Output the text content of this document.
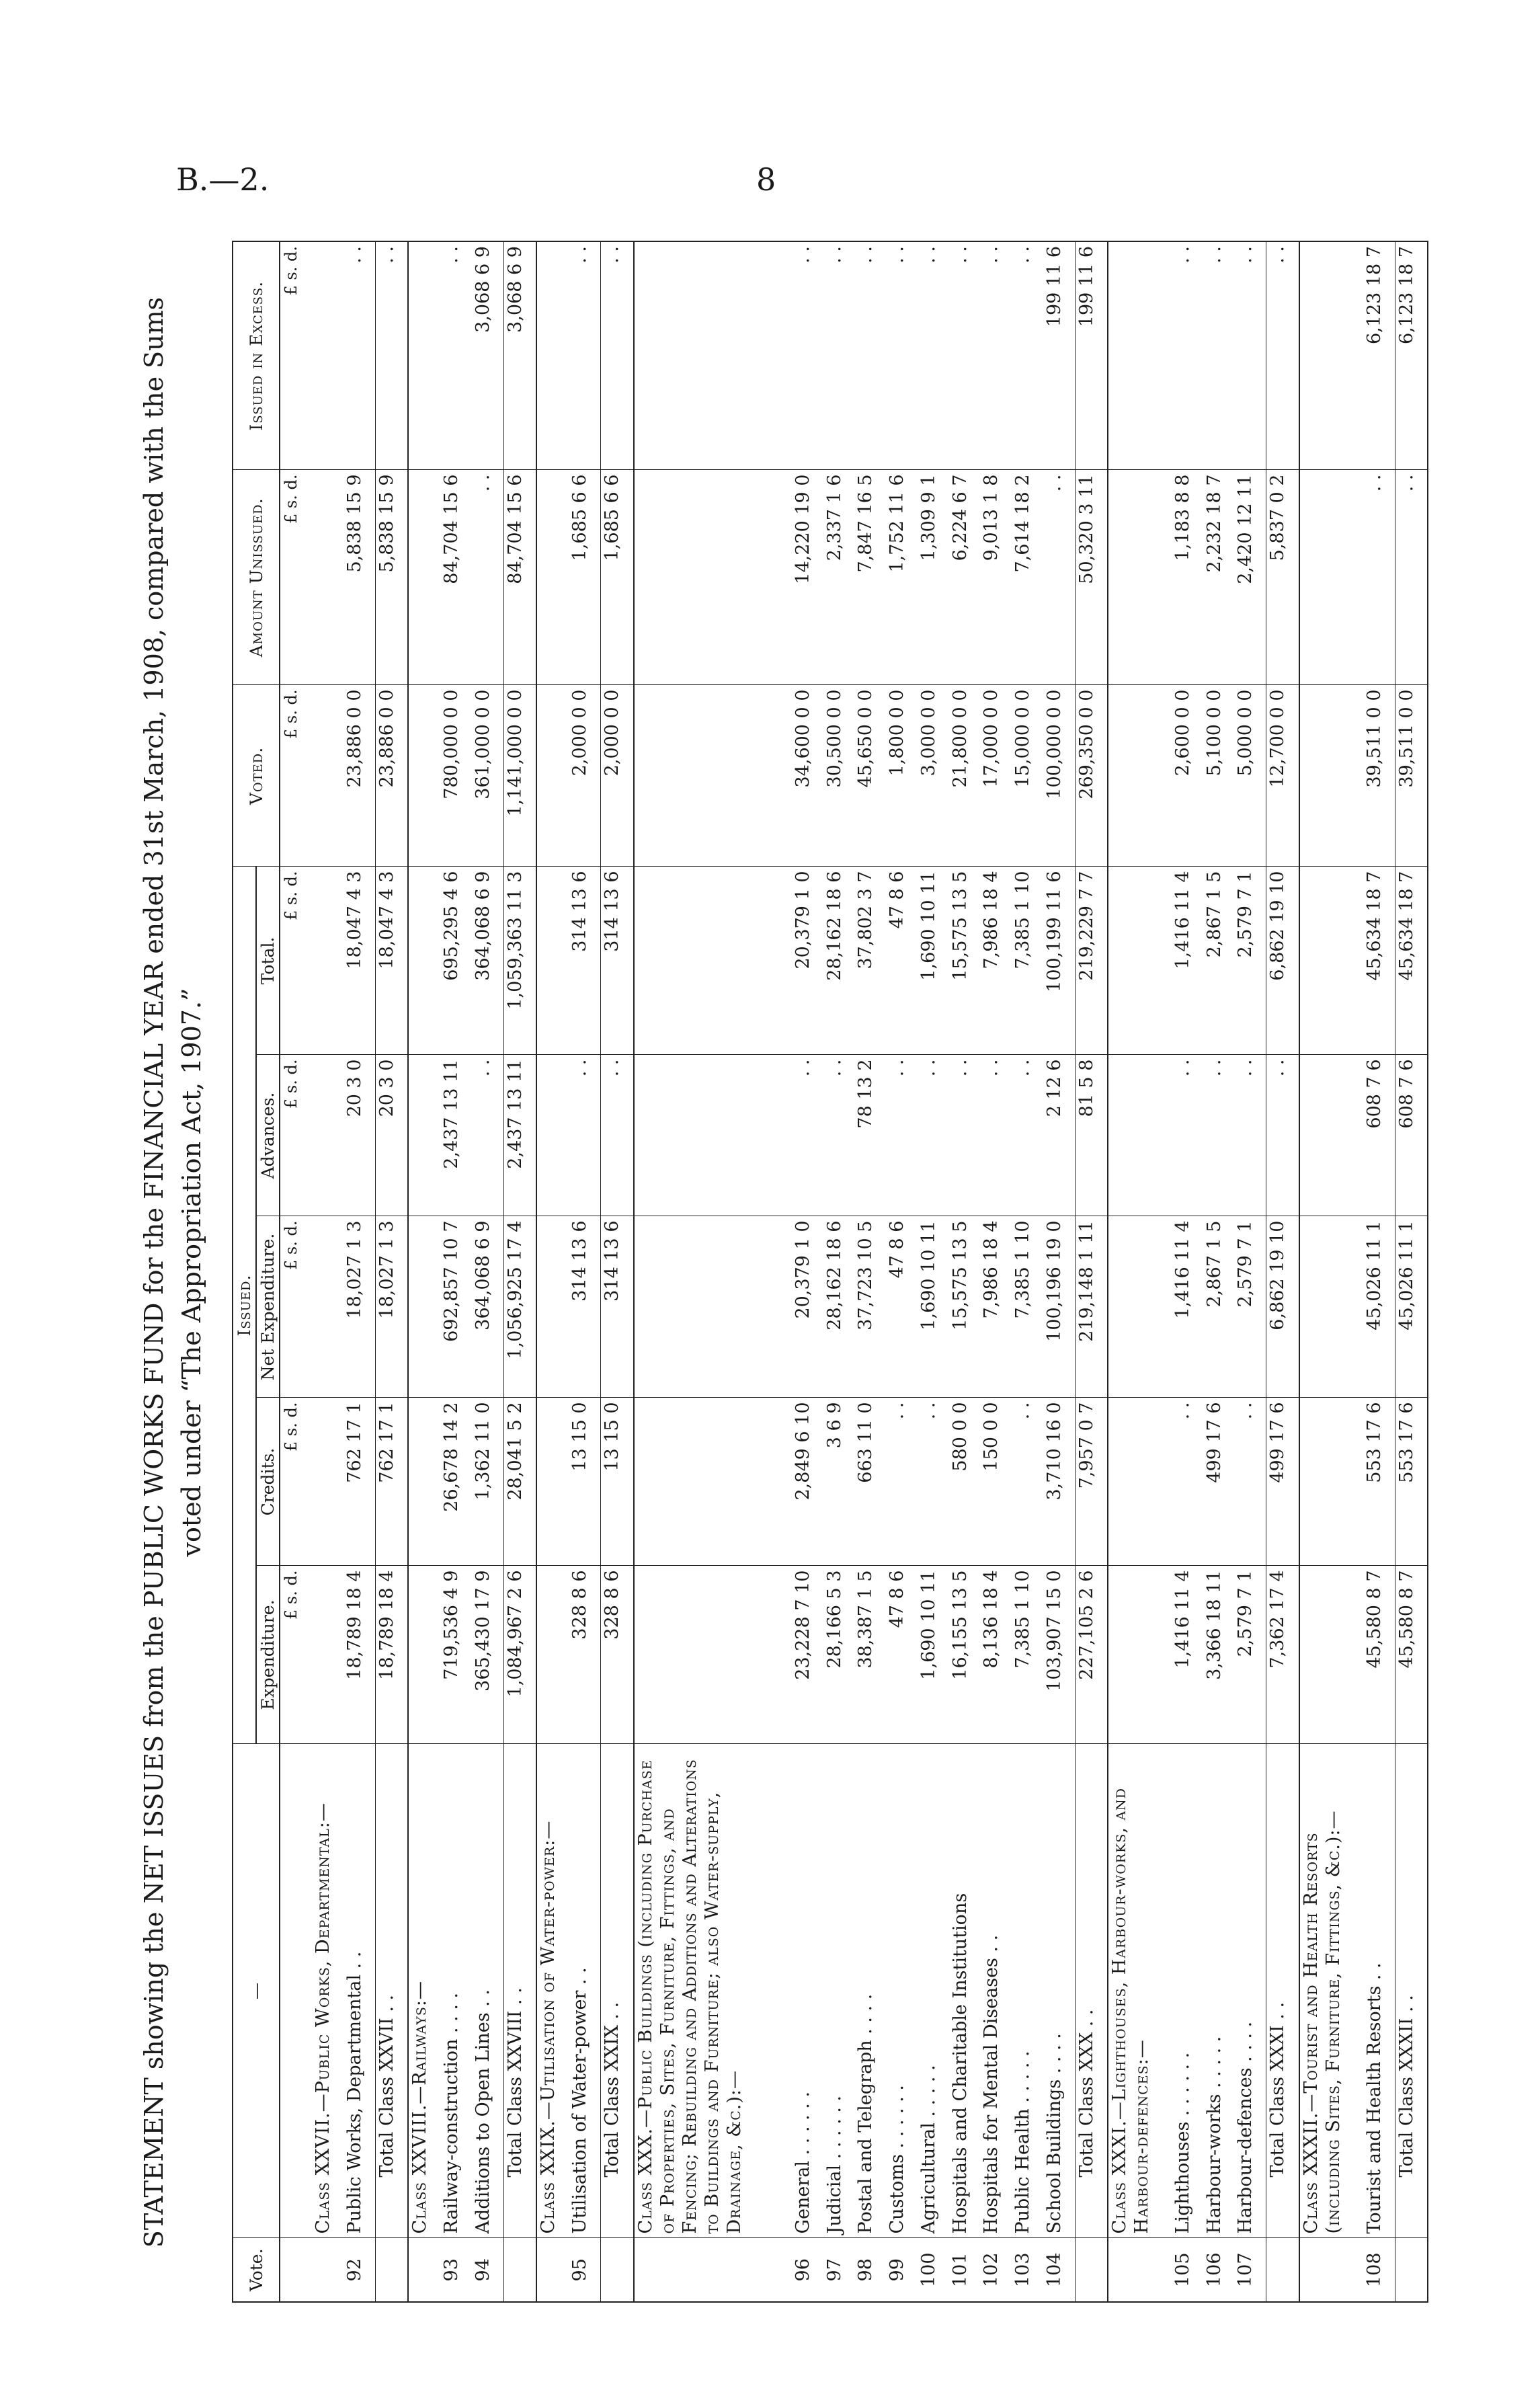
B.—2.	8
STATEMENT showing the NET ISSUES from the PUBLIC WORKS FUND for the FINANCIAL YEAR ended 31st March, 1908, compared with the Sums voted under “The Appropriation Act, 1907.”
Vote.	—	Issued.					Voted.	Amount Unissued.	Issued in Excess.
		Expenditure.	Credits.	Net Expenditure.	Advances.	Total.			
		£ s. d.	£ s. d.	£ s. d.	£ s. d.	£ s. d.	£ s. d.	£ s. d.	£ s. d.
	Class XXVII.—Public Works, Departmental:—								
92	Public Works, Departmental . .	18,789 18 4	762 17 1	18,027 1 3	20 3 0	18,047 4 3	23,886 0 0	5,838 15 9	. .
	Total Class XXVII . .	18,789 18 4	762 17 1	18,027 1 3	20 3 0	18,047 4 3	23,886 0 0	5,838 15 9	. .
	Class XXVIII.—Railways:—								
93	Railway-construction . . . .	719,536 4 9	26,678 14 2	692,857 10 7	2,437 13 11	695,295 4 6	780,000 0 0	84,704 15 6	. .
94	Additions to Open Lines . .	365,430 17 9	1,362 11 0	364,068 6 9	. .	364,068 6 9	361,000 0 0	. .	3,068 6 9
	Total Class XXVIII . .	1,084,967 2 6	28,041 5 2	1,056,925 17 4	2,437 13 11	1,059,363 11 3	1,141,000 0 0	84,704 15 6	3,068 6 9
	Class XXIX.—Utilisation of Water-power:—								
95	Utilisation of Water-power . .	328 8 6	13 15 0	314 13 6	. .	314 13 6	2,000 0 0	1,685 6 6	. .
	Total Class XXIX . .	328 8 6	13 15 0	314 13 6	. .	314 13 6	2,000 0 0	1,685 6 6	. .
	Class XXX.—Public Buildings (including Purchase of Properties, Sites, Furniture, Fittings, and Fencing; Rebuilding and Additions and Alterations to Buildings and Furniture; also Water-supply, Drainage, &c.):—								
96	General . . . . . .	23,228 7 10	2,849 6 10	20,379 1 0	. .	20,379 1 0	34,600 0 0	14,220 19 0	. .
97	Judicial . . . . . .	28,166 5 3	3 6 9	28,162 18 6	. .	28,162 18 6	30,500 0 0	2,337 1 6	. .
98	Postal and Telegraph . . . .	38,387 1 5	663 11 0	37,723 10 5	78 13 2	37,802 3 7	45,650 0 0	7,847 16 5	. .
99	Customs . . . . . .	47 8 6	. .	47 8 6	. .	47 8 6	1,800 0 0	1,752 11 6	. .
100	Agricultural . . . . .	1,690 10 11	. .	1,690 10 11	. .	1,690 10 11	3,000 0 0	1,309 9 1	. .
101	Hospitals and Charitable Institutions	16,155 13 5	580 0 0	15,575 13 5	. .	15,575 13 5	21,800 0 0	6,224 6 7	. .
102	Hospitals for Mental Diseases . .	8,136 18 4	150 0 0	7,986 18 4	. .	7,986 18 4	17,000 0 0	9,013 1 8	. .
103	Public Health . . . . .	7,385 1 10	. .	7,385 1 10	. .	7,385 1 10	15,000 0 0	7,614 18 2	. .
104	School Buildings . . . .	103,907 15 0	3,710 16 0	100,196 19 0	2 12 6	100,199 11 6	100,000 0 0	. .	199 11 6
	Total Class XXX . .	227,105 2 6	7,957 0 7	219,148 1 11	81 5 8	219,229 7 7	269,350 0 0	50,320 3 11	199 11 6
	Class XXXI.—Lighthouses, Harbour-works, and Harbour-defences:—								
105	Lighthouses . . . . . .	1,416 11 4	. .	1,416 11 4	. .	1,416 11 4	2,600 0 0	1,183 8 8	. .
106	Harbour-works . . . . .	3,366 18 11	499 17 6	2,867 1 5	. .	2,867 1 5	5,100 0 0	2,232 18 7	. .
107	Harbour-defences . . . .	2,579 7 1	. .	2,579 7 1	. .	2,579 7 1	5,000 0 0	2,420 12 11	. .
	Total Class XXXI . .	7,362 17 4	499 17 6	6,862 19 10	. .	6,862 19 10	12,700 0 0	5,837 0 2	. .
	Class XXXII.—Tourist and Health Resorts (including Sites, Furniture, Fittings, &c.):—								
108	Tourist and Health Resorts . .	45,580 8 7	553 17 6	45,026 11 1	608 7 6	45,634 18 7	39,511 0 0	. .	6,123 18 7
	Total Class XXXII . .	45,580 8 7	553 17 6	45,026 11 1	608 7 6	45,634 18 7	39,511 0 0	. .	6,123 18 7
